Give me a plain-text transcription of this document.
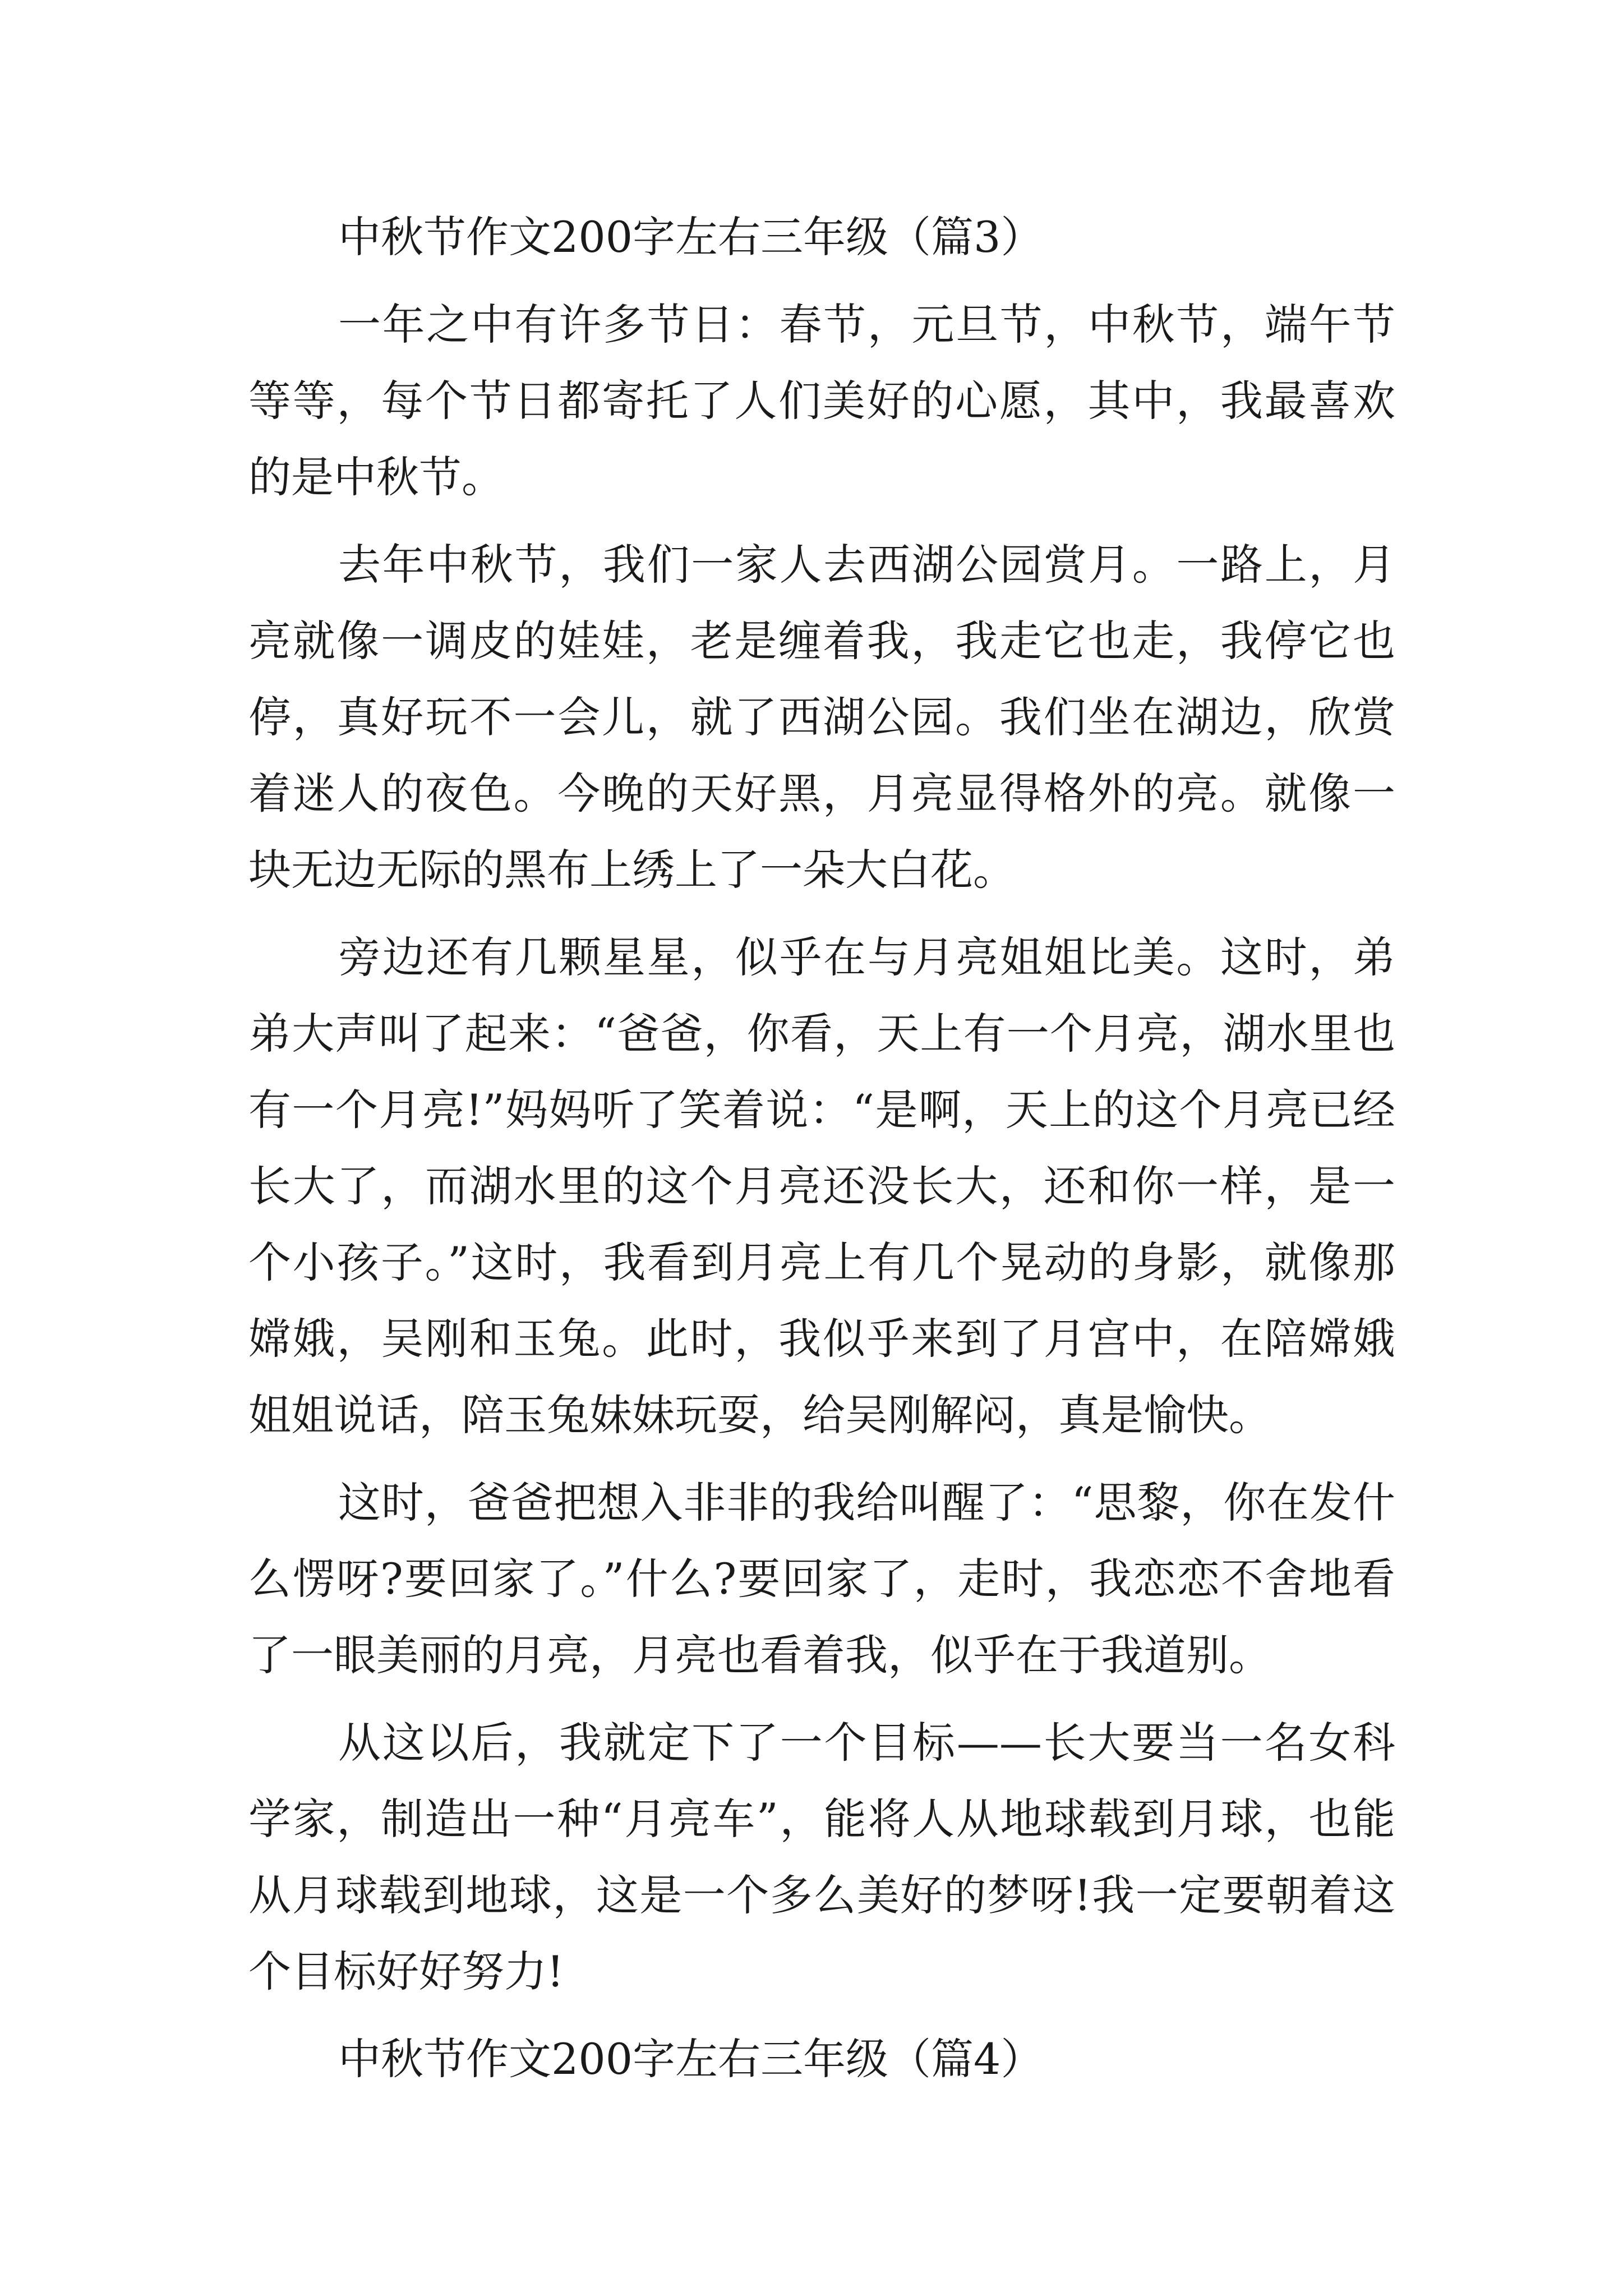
中秋节作文200字左右三年级（篇3）

一年之中有许多节日：春节，元旦节，中秋节，端午节等等，每个节日都寄托了人们美好的心愿，其中，我最喜欢的是中秋节。

去年中秋节，我们一家人去西湖公园赏月。一路上，月亮就像一调皮的娃娃，老是缠着我，我走它也走，我停它也停，真好玩不一会儿，就了西湖公园。我们坐在湖边，欣赏着迷人的夜色。今晚的天好黑，月亮显得格外的亮。就像一块无边无际的黑布上绣上了一朵大白花。

旁边还有几颗星星，似乎在与月亮姐姐比美。这时，弟弟大声叫了起来：“爸爸，你看，天上有一个月亮，湖水里也有一个月亮!”妈妈听了笑着说：“是啊，天上的这个月亮已经长大了，而湖水里的这个月亮还没长大，还和你一样，是一个小孩子。”这时，我看到月亮上有几个晃动的身影，就像那嫦娥，吴刚和玉兔。此时，我似乎来到了月宫中，在陪嫦娥姐姐说话，陪玉兔妹妹玩耍，给吴刚解闷，真是愉快。

这时，爸爸把想入非非的我给叫醒了：“思黎，你在发什么愣呀?要回家了。”什么?要回家了，走时，我恋恋不舍地看了一眼美丽的月亮，月亮也看着我，似乎在于我道别。

从这以后，我就定下了一个目标——长大要当一名女科学家，制造出一种“月亮车”，能将人从地球载到月球，也能从月球载到地球，这是一个多么美好的梦呀!我一定要朝着这个目标好好努力!

中秋节作文200字左右三年级（篇4）
